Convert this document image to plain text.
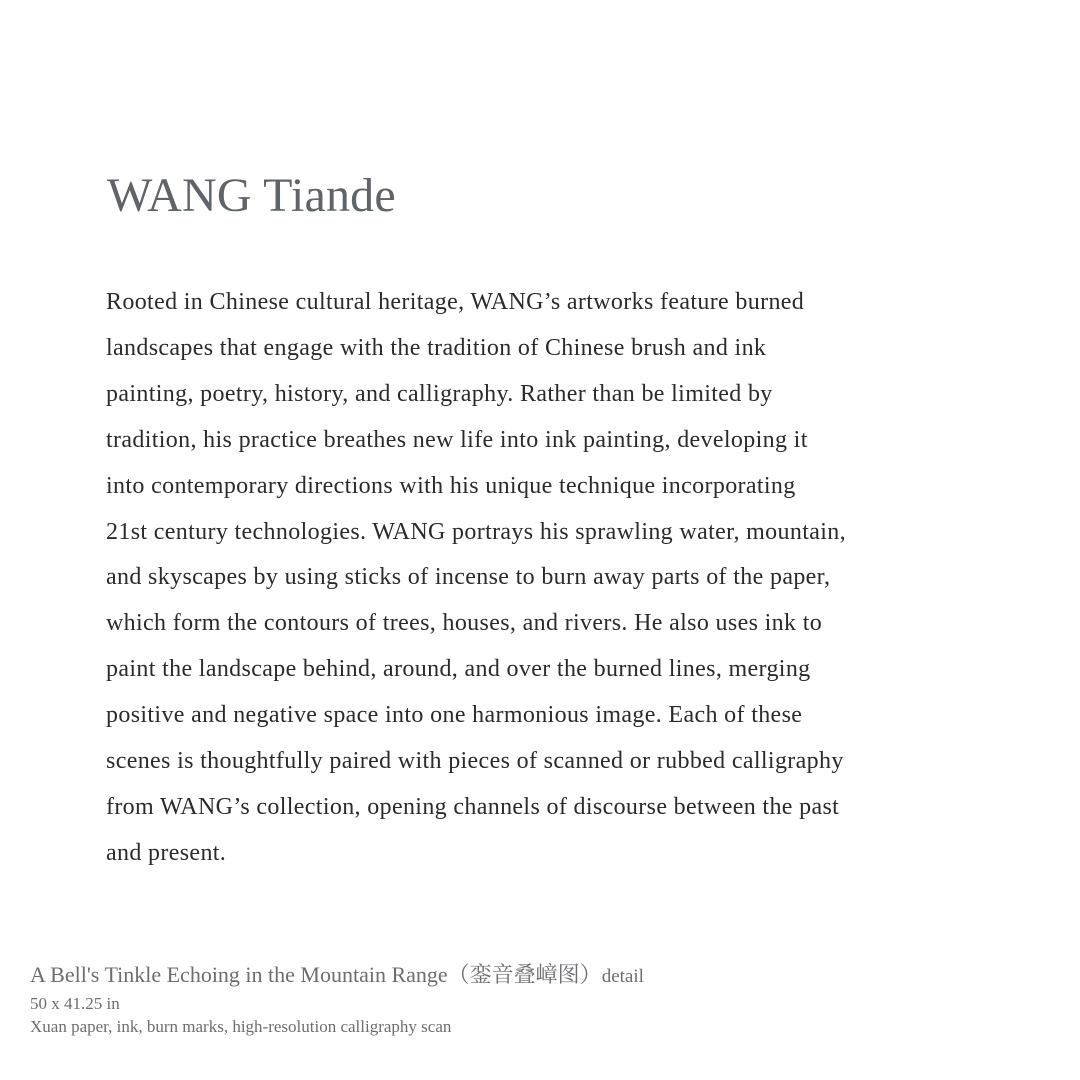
WANG Tiande
Rooted in Chinese cultural heritage, WANG’s artworks feature burned
landscapes that engage with the tradition of Chinese brush and ink
painting, poetry, history, and calligraphy. Rather than be limited by
tradition, his practice breathes new life into ink painting, developing it
into contemporary directions with his unique technique incorporating
21st century technologies. WANG portrays his sprawling water, mountain,
and skyscapes by using sticks of incense to burn away parts of the paper,
which form the contours of trees, houses, and rivers. He also uses ink to
paint the landscape behind, around, and over the burned lines, merging
positive and negative space into one harmonious image. Each of these
scenes is thoughtfully paired with pieces of scanned or rubbed calligraphy
from WANG’s collection, opening channels of discourse between the past
and present.
A Bell's Tinkle Echoing in the Mountain Range（銮音叠嶂图）detail
50 x 41.25 in
Xuan paper, ink, burn marks, high-resolution calligraphy scan
